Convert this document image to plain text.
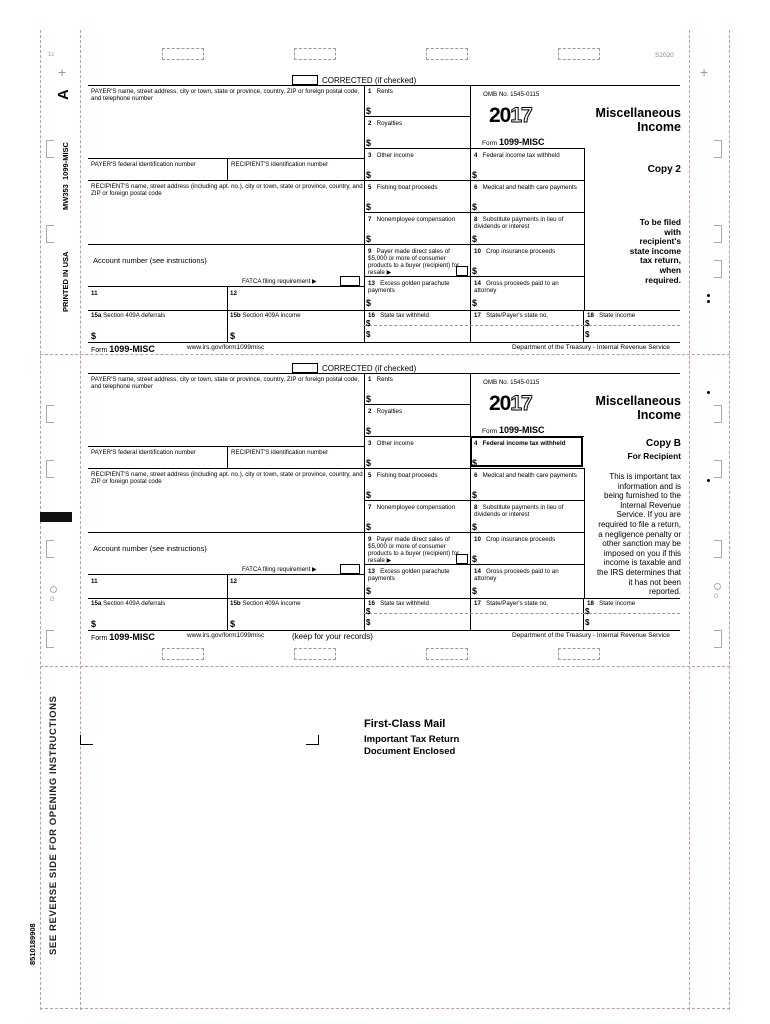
+	+
G
G
S2020
1c
A
MW353  1099-MISC
PRINTED IN USA
SEE REVERSE SIDE FOR OPENING INSTRUCTIONS
8510189908
CORRECTED (if checked)
PAYER'S name, street address, city or town, state or province, country, ZIP or foreign postal code, and telephone number
PAYER'S federal identification number	RECIPIENT'S identification number
RECIPIENT'S name, street address (including apt. no.), city or town, state or province, country, and ZIP or foreign postal code
Account number (see instructions)
FATCA filing requirement ▶
11	12
15a Section 409A deferrals	15b Section 409A income
$	$
Form 1099-MISC	www.irs.gov/form1099misc	Department of the Treasury - Internal Revenue Service
1 Rents
$
2 Royalties
$
3 Other income
$
4 Federal income tax withheld
$
5 Fishing boat proceeds
$
6 Medical and health care payments
$
7 Nonemployee compensation
$
8 Substitute payments in lieu of dividends or interest
$
9 Payer made direct sales of $5,000 or more of consumer products to a buyer (recipient) for resale ▶
10 Crop insurance proceeds
$
13 Excess golden parachute payments
$
14 Gross proceeds paid to an attorney
$
16 State tax withheld
$
$
17 State/Payer's state no.	18 State income
$
$
OMB No. 1545-0115
2017
Form 1099-MISC
Miscellaneous
Income
Copy 2
To be filed
with
recipient's
state income
tax return,
when
required.
CORRECTED (if checked)
PAYER'S name, street address, city or town, state or province, country, ZIP or foreign postal code, and telephone number
PAYER'S federal identification number	RECIPIENT'S identification number
RECIPIENT'S name, street address (including apt. no.), city or town, state or province, country, and ZIP or foreign postal code
Account number (see instructions)
FATCA filing requirement ▶
11	12
15a Section 409A deferrals	15b Section 409A income
$	$
Form 1099-MISC	www.irs.gov/form1099misc	(keep for your records)	Department of the Treasury - Internal Revenue Service
1 Rents
$
2 Royalties
$
3 Other income
$
4 Federal income tax withheld
$
5 Fishing boat proceeds
$
6 Medical and health care payments
$
7 Nonemployee compensation
$
8 Substitute payments in lieu of dividends or interest
$
9 Payer made direct sales of $5,000 or more of consumer products to a buyer (recipient) for resale ▶
10 Crop insurance proceeds
$
13 Excess golden parachute payments
$
14 Gross proceeds paid to an attorney
$
16 State tax withheld
$
$
17 State/Payer's state no.	18 State income
$
$
OMB No. 1545-0115
2017
Form 1099-MISC
Miscellaneous
Income
Copy B
For Recipient
This is important tax
information and is
being furnished to the
Internal Revenue
Service. If you are
required to file a return,
a negligence penalty or
other sanction may be
imposed on you if this
income is taxable and
the IRS determines that
it has not been
reported.
First-Class Mail
Important Tax Return
Document Enclosed
